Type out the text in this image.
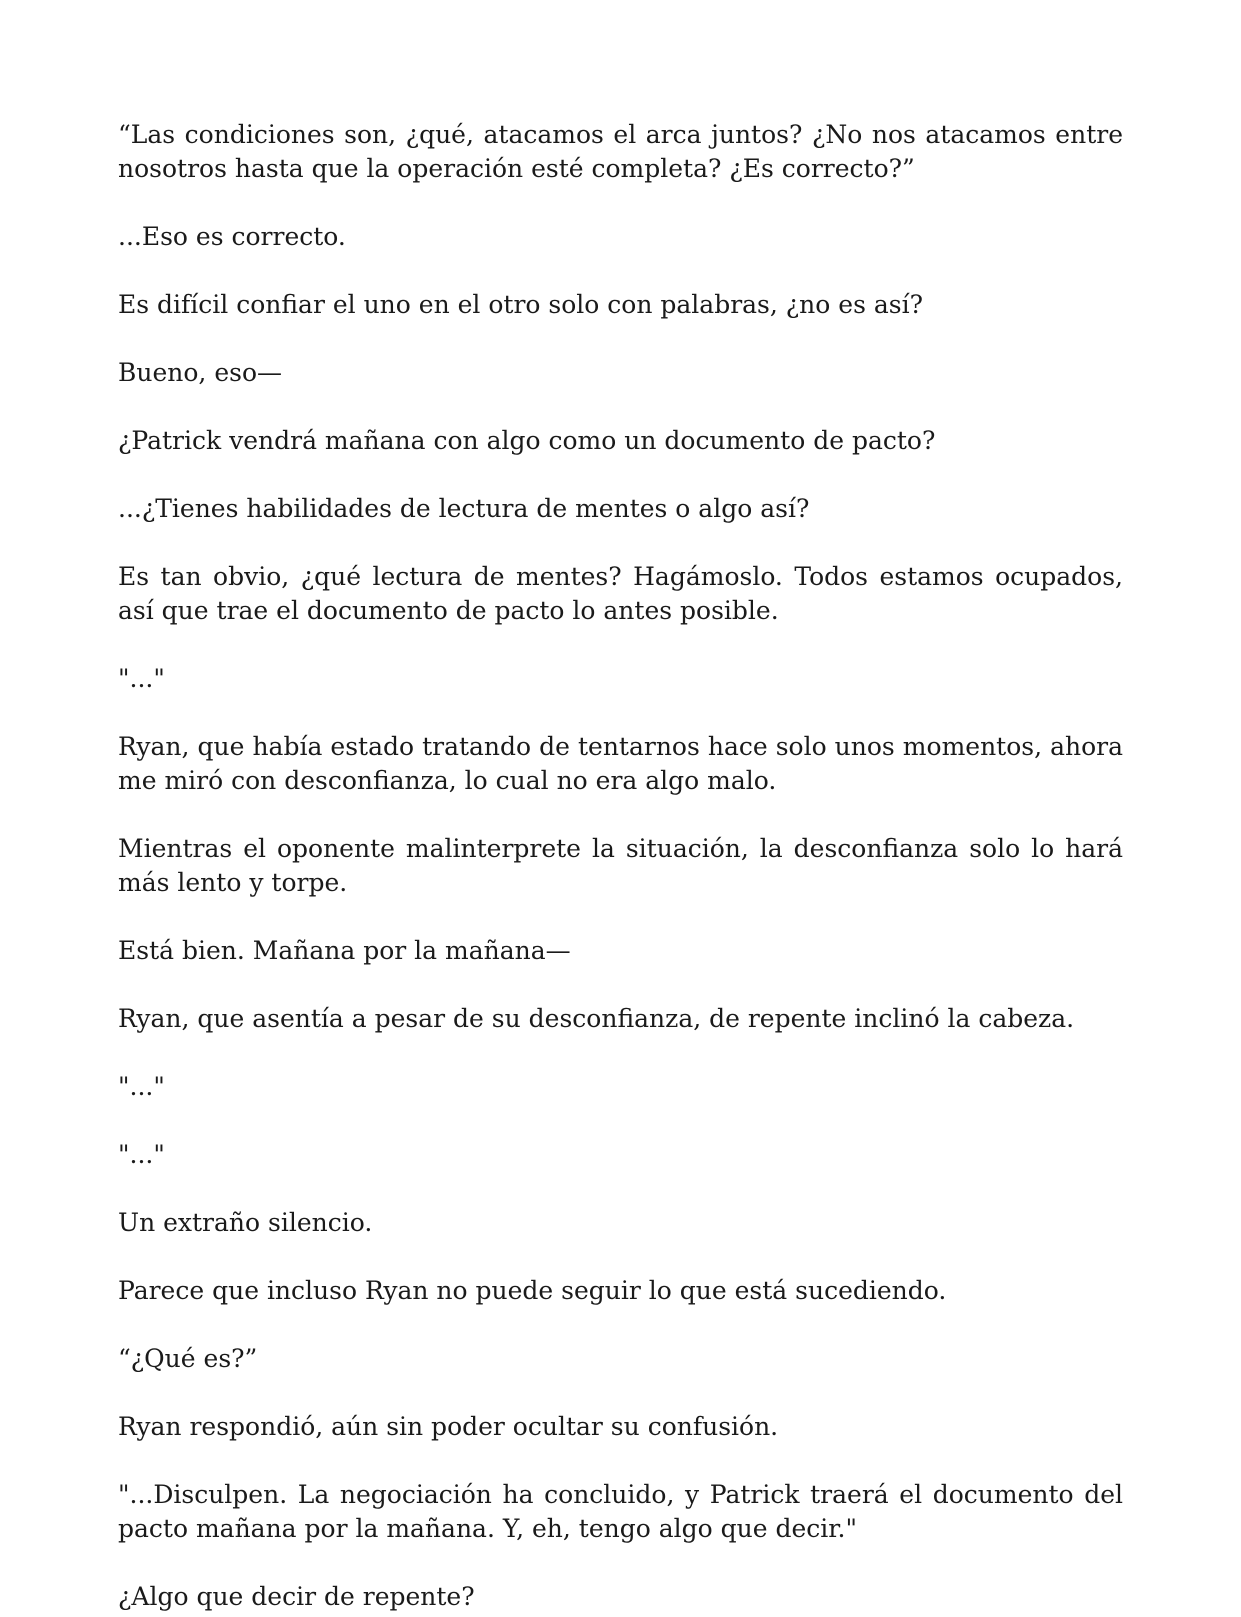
“Las condiciones son, ¿qué, atacamos el arca juntos? ¿No nos atacamos entre nosotros hasta que la operación esté completa? ¿Es correcto?”

...Eso es correcto.

Es difícil confiar el uno en el otro solo con palabras, ¿no es así?

Bueno, eso—

¿Patrick vendrá mañana con algo como un documento de pacto?

...¿Tienes habilidades de lectura de mentes o algo así?

Es tan obvio, ¿qué lectura de mentes? Hagámoslo. Todos estamos ocupados, así que trae el documento de pacto lo antes posible.

"..."

Ryan, que había estado tratando de tentarnos hace solo unos momentos, ahora me miró con desconfianza, lo cual no era algo malo.

Mientras el oponente malinterprete la situación, la desconfianza solo lo hará más lento y torpe.

Está bien. Mañana por la mañana—

Ryan, que asentía a pesar de su desconfianza, de repente inclinó la cabeza.

"..."

"..."

Un extraño silencio.

Parece que incluso Ryan no puede seguir lo que está sucediendo.

“¿Qué es?”

Ryan respondió, aún sin poder ocultar su confusión.

"...Disculpen. La negociación ha concluido, y Patrick traerá el documento del pacto mañana por la mañana. Y, eh, tengo algo que decir."

¿Algo que decir de repente?
